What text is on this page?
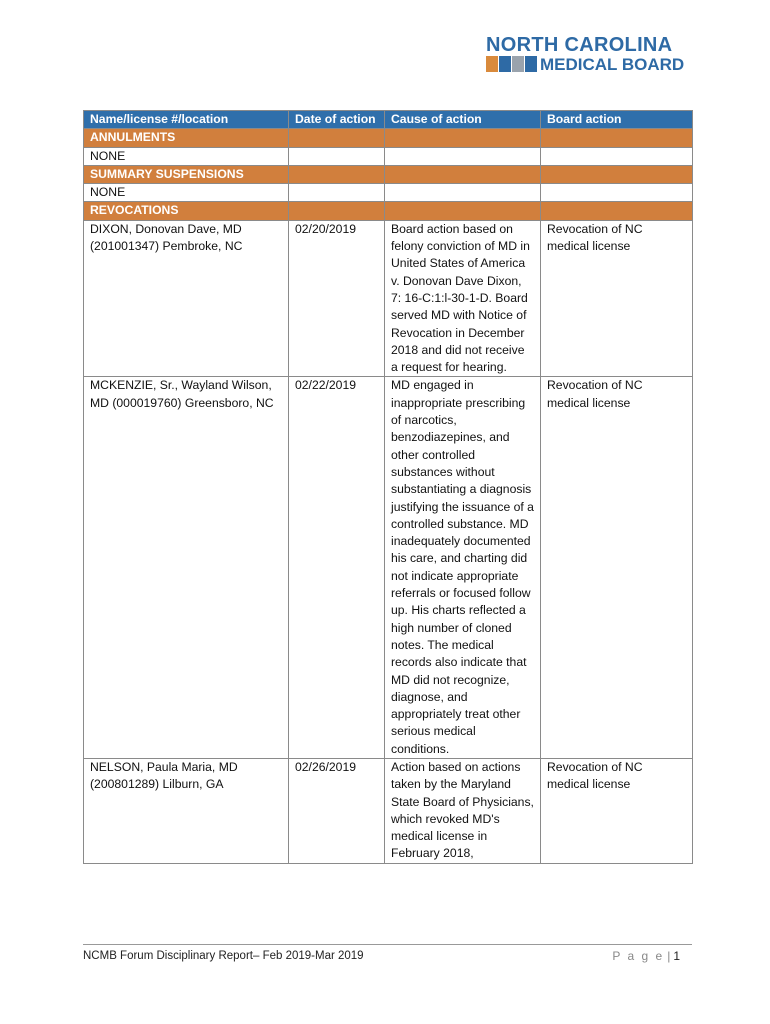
NORTH CAROLINA
MEDICAL BOARD
Name/license #/location	Date of action	Cause of action	Board action
ANNULMENTS			
NONE			
SUMMARY SUSPENSIONS			
NONE			
REVOCATIONS			
DIXON, Donovan Dave, MD (201001347) Pembroke, NC	02/20/2019	Board action based on felony conviction of MD in United States of America v. Donovan Dave Dixon, 7: 16-C:1:l-30-1-D. Board served MD with Notice of Revocation in December 2018 and did not receive a request for hearing.	Revocation of NC medical license
MCKENZIE, Sr., Wayland Wilson, MD (000019760) Greensboro, NC	02/22/2019	MD engaged in inappropriate prescribing of narcotics, benzodiazepines, and other controlled substances without substantiating a diagnosis justifying the issuance of a controlled substance. MD inadequately documented his care, and charting did not indicate appropriate referrals or focused follow up. His charts reflected a high number of cloned notes. The medical records also indicate that MD did not recognize, diagnose, and appropriately treat other serious medical conditions.	Revocation of NC medical license
NELSON, Paula Maria, MD (200801289) Lilburn, GA	02/26/2019	Action based on actions taken by the Maryland State Board of Physicians, which revoked MD's medical license in February 2018,	Revocation of NC medical license
NCMB Forum Disciplinary Report– Feb 2019-Mar 2019	P a g e | 1
